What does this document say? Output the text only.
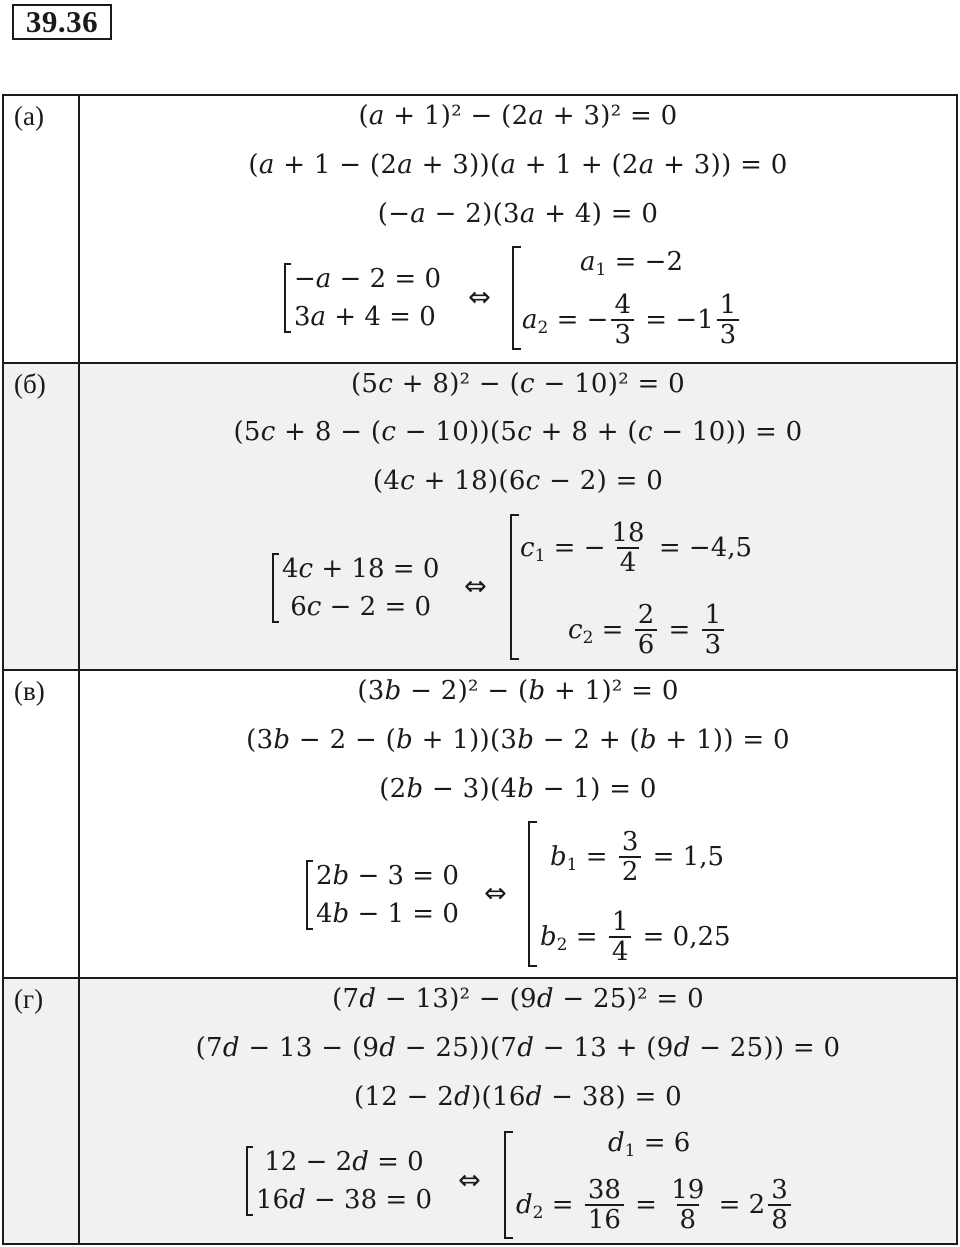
39.36
(а)	(𝑎 + 1)² − (2𝑎 + 3)² = 0
(𝑎 + 1 − (2𝑎 + 3))(𝑎 + 1 + (2𝑎 + 3)) = 0
(−𝑎 − 2)(3𝑎 + 4) = 0
−𝑎 − 2 = 0
3𝑎 + 4 = 0
⇔
𝑎 1 = −2
𝑎 2 = − $\frac{4}{3} = -1 \frac{1}{3}$
(б)	(5𝑐 + 8)² − (𝑐 − 10)² = 0
(5𝑐 + 8 − (𝑐 − 10))(5𝑐 + 8 + (𝑐 − 10)) = 0
(4𝑐 + 18)(6𝑐 − 2) = 0
4𝑐 + 18 = 0
6𝑐 − 2 = 0
⇔
𝑐 1 = − $\frac{18}{4} = -4,5$
𝑐 $2 = \frac{2}{6} = \frac{1}{3}$
(в)	(3𝑏 − 2)² − (𝑏 + 1)² = 0
(3𝑏 − 2 − (𝑏 + 1))(3𝑏 − 2 + (𝑏 + 1)) = 0
(2𝑏 − 3)(4𝑏 − 1) = 0
2𝑏 − 3 = 0
4𝑏 − 1 = 0
⇔
𝑏 $1 = \frac{3}{2} = 1,5$
𝑏 $2 = \frac{1}{4} = 0,25$
(г)	(7𝑑 − 13)² − (9𝑑 − 25)² = 0
(7𝑑 − 13 − (9𝑑 − 25))(7𝑑 − 13 + (9𝑑 − 25)) = 0
(12 − 2𝑑)(16𝑑 − 38) = 0
12 − 2𝑑 = 0
16𝑑 − 38 = 0
⇔
𝑑 1 = 6
𝑑 $2 = \frac{38}{16} = \frac{19}{8} = 2 \frac{3}{8}$
